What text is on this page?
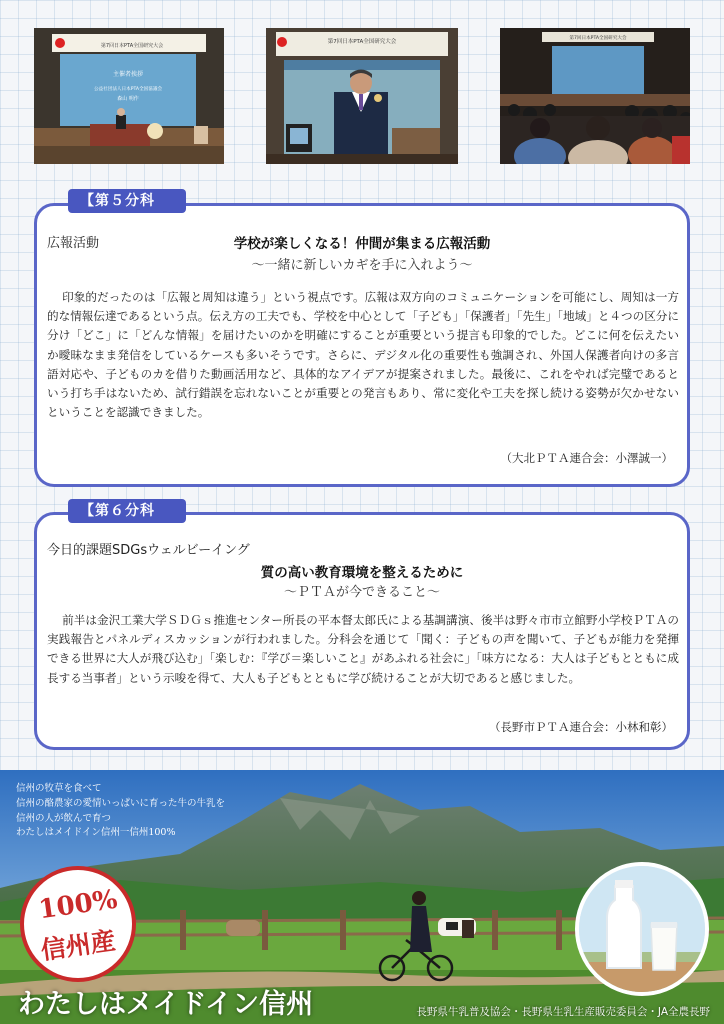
主催者挨拶
公益社団法人日本PTA全国協議会
森山 明作
第7回日本PTA全国研究大会
第7回日本PTA全国研究大会
第7回日本PTA全国研究大会
広報活動	学校が楽しくなる！仲間が集まる広報活動
～一緒に新しいカギを手に入れよう～

印象的だったのは「広報と周知は違う」という視点です。広報は双方向のコミュニケーションを可能にし、周知は一方的な情報伝達であるという点。伝え方の工夫でも、学校を中心として「子ども」「保護者」「先生」「地域」と４つの区分に分け「どこ」に「どんな情報」を届けたいのかを明確にすることが重要という提言も印象的でした。どこに何を伝えたいか曖昧なまま発信をしているケースも多いそうです。さらに、デジタル化の重要性も強調され、外国人保護者向けの多言語対応や、子どものカを借りた動画活用など、具体的なアイデアが提案されました。最後に、これをやれば完璧であるという打ち手はないため、試行錯誤を忘れないことが重要との発言もあり、常に変化や工夫を探し続ける姿勢が欠かせないということを認識できました。

（大北ＰＴＡ連合会：小澤誠一）
【第５分科会】
今日的課題SDGsウェルビーイング
質の高い教育環境を整えるために
～ＰＴＡが今できること～

前半は金沢工業大学ＳＤＧｓ推進センター所長の平本督太郎氏による基調講演、後半は野々市市立館野小学校ＰＴＡの実践報告とパネルディスカッションが行われました。分科会を通じて「聞く：子どもの声を聞いて、子どもが能力を発揮できる世界に大人が飛び込む」「楽しむ：『学び＝楽しいこと』があふれる社会に」「味方になる：大人は子どもとともに成長する当事者」という示唆を得て、大人も子どもとともに学び続けることが大切であると感じました。

（長野市ＰＴＡ連合会：小林和彰）
【第６分科会】
信州の牧草を食べて
信州の酪農家の愛情いっぱいに育った牛の牛乳を
信州の人が飲んで育つ
わたしはメイドイン信州一信州100%
100%
信州産
わたしはメイドイン信州	長野県牛乳普及協会・長野県生乳生産販売委員会・JA全農長野
